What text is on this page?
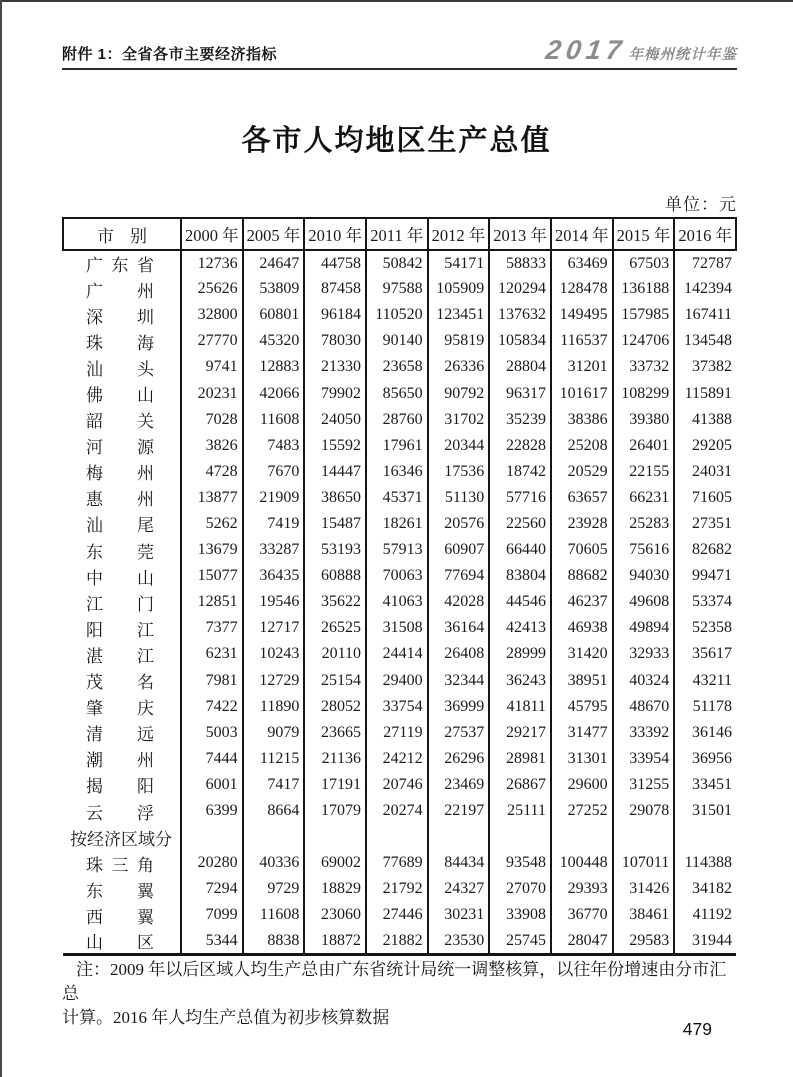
附件 1：全省各市主要经济指标	2017 年梅州统计年鉴
各市人均地区生产总值
单位：元
市 别	2000 年	2005 年	2010 年	2011 年	2012 年	2013 年	2014 年	2015 年	2016 年

广 东 省	12736	24647	44758	50842	54171	58833	63469	67503	72787

广 州	25626	53809	87458	97588	105909	120294	128478	136188	142394

深 圳	32800	60801	96184	110520	123451	137632	149495	157985	167411

珠 海	27770	45320	78030	90140	95819	105834	116537	124706	134548

汕 头	9741	12883	21330	23658	26336	28804	31201	33732	37382

佛 山	20231	42066	79902	85650	90792	96317	101617	108299	115891

韶 关	7028	11608	24050	28760	31702	35239	38386	39380	41388

河 源	3826	7483	15592	17961	20344	22828	25208	26401	29205

梅 州	4728	7670	14447	16346	17536	18742	20529	22155	24031

惠 州	13877	21909	38650	45371	51130	57716	63657	66231	71605

汕 尾	5262	7419	15487	18261	20576	22560	23928	25283	27351

东 莞	13679	33287	53193	57913	60907	66440	70605	75616	82682

中 山	15077	36435	60888	70063	77694	83804	88682	94030	99471

江 门	12851	19546	35622	41063	42028	44546	46237	49608	53374

阳 江	7377	12717	26525	31508	36164	42413	46938	49894	52358

湛 江	6231	10243	20110	24414	26408	28999	31420	32933	35617

茂 名	7981	12729	25154	29400	32344	36243	38951	40324	43211

肇 庆	7422	11890	28052	33754	36999	41811	45795	48670	51178

清 远	5003	9079	23665	27119	27537	29217	31477	33392	36146

潮 州	7444	11215	21136	24212	26296	28981	31301	33954	36956

揭 阳	6001	7417	17191	20746	23469	26867	29600	31255	33451

云 浮	6399	8664	17079	20274	22197	25111	27252	29078	31501
按经济区域分									

珠 三 角	20280	40336	69002	77689	84434	93548	100448	107011	114388

东 翼	7294	9729	18829	21792	24327	27070	29393	31426	34182

西 翼	7099	11608	23060	27446	30231	33908	36770	38461	41192

山 区	5344	8838	18872	21882	23530	25745	28047	29583	31944
注：2009 年以后区域人均生产总由广东省统计局统一调整核算，以往年份增速由分市汇总
计算。2016 年人均生产总值为初步核算数据
479
